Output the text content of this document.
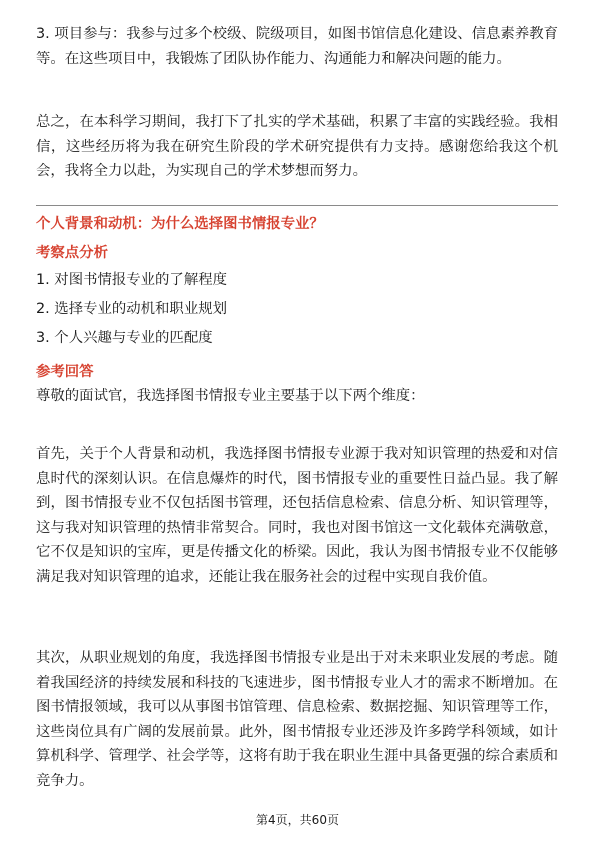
3. 项目参与：我参与过多个校级、院级项目，如图书馆信息化建设、信息素养教育等。在这些项目中，我锻炼了团队协作能力、沟通能力和解决问题的能力。

总之，在本科学习期间，我打下了扎实的学术基础，积累了丰富的实践经验。我相信，这些经历将为我在研究生阶段的学术研究提供有力支持。感谢您给我这个机会，我将全力以赴，为实现自己的学术梦想而努力。

个人背景和动机：为什么选择图书情报专业？
考察点分析
1. 对图书情报专业的了解程度
2. 选择专业的动机和职业规划
3. 个人兴趣与专业的匹配度
参考回答

尊敬的面试官，我选择图书情报专业主要基于以下两个维度：

首先，关于个人背景和动机，我选择图书情报专业源于我对知识管理的热爱和对信息时代的深刻认识。在信息爆炸的时代，图书情报专业的重要性日益凸显。我了解到，图书情报专业不仅包括图书管理，还包括信息检索、信息分析、知识管理等，这与我对知识管理的热情非常契合。同时，我也对图书馆这一文化载体充满敬意，它不仅是知识的宝库，更是传播文化的桥梁。因此，我认为图书情报专业不仅能够满足我对知识管理的追求，还能让我在服务社会的过程中实现自我价值。

其次，从职业规划的角度，我选择图书情报专业是出于对未来职业发展的考虑。随着我国经济的持续发展和科技的飞速进步，图书情报专业人才的需求不断增加。在图书情报领域，我可以从事图书馆管理、信息检索、数据挖掘、知识管理等工作，这些岗位具有广阔的发展前景。此外，图书情报专业还涉及许多跨学科领域，如计算机科学、管理学、社会学等，这将有助于我在职业生涯中具备更强的综合素质和竞争力。

第4页，共60页
